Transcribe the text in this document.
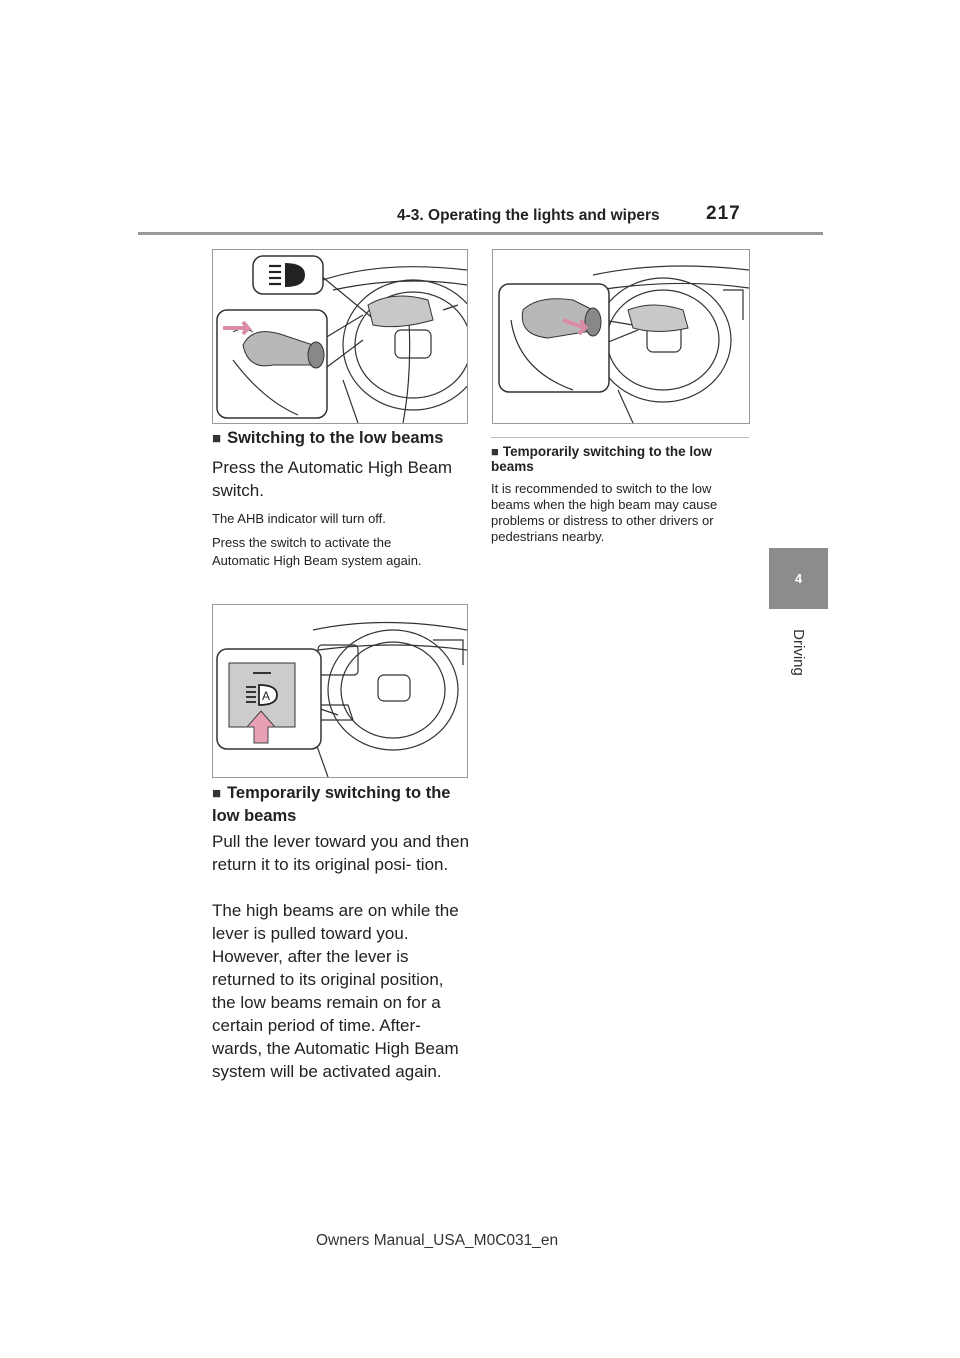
4-3. Operating the lights and wipers 217
4
Driving
■ Switching to the low beams

Press the Automatic High Beam switch.

The AHB indicator will turn off.

Press the switch to activate the Automatic High Beam system again.

A
■ Temporarily switching to the low beams

Pull the lever toward you and then return it to its original posi- tion.

The high beams are on while the lever is pulled toward you. However, after the lever is returned to its original position, the low beams remain on for a certain period of time. After- wards, the Automatic High Beam system will be activated again.

■ Temporarily switching to the low beams

It is recommended to switch to the low beams when the high beam may cause problems or distress to other drivers or pedestrians nearby.

Owners Manual_USA_M0C031_en
